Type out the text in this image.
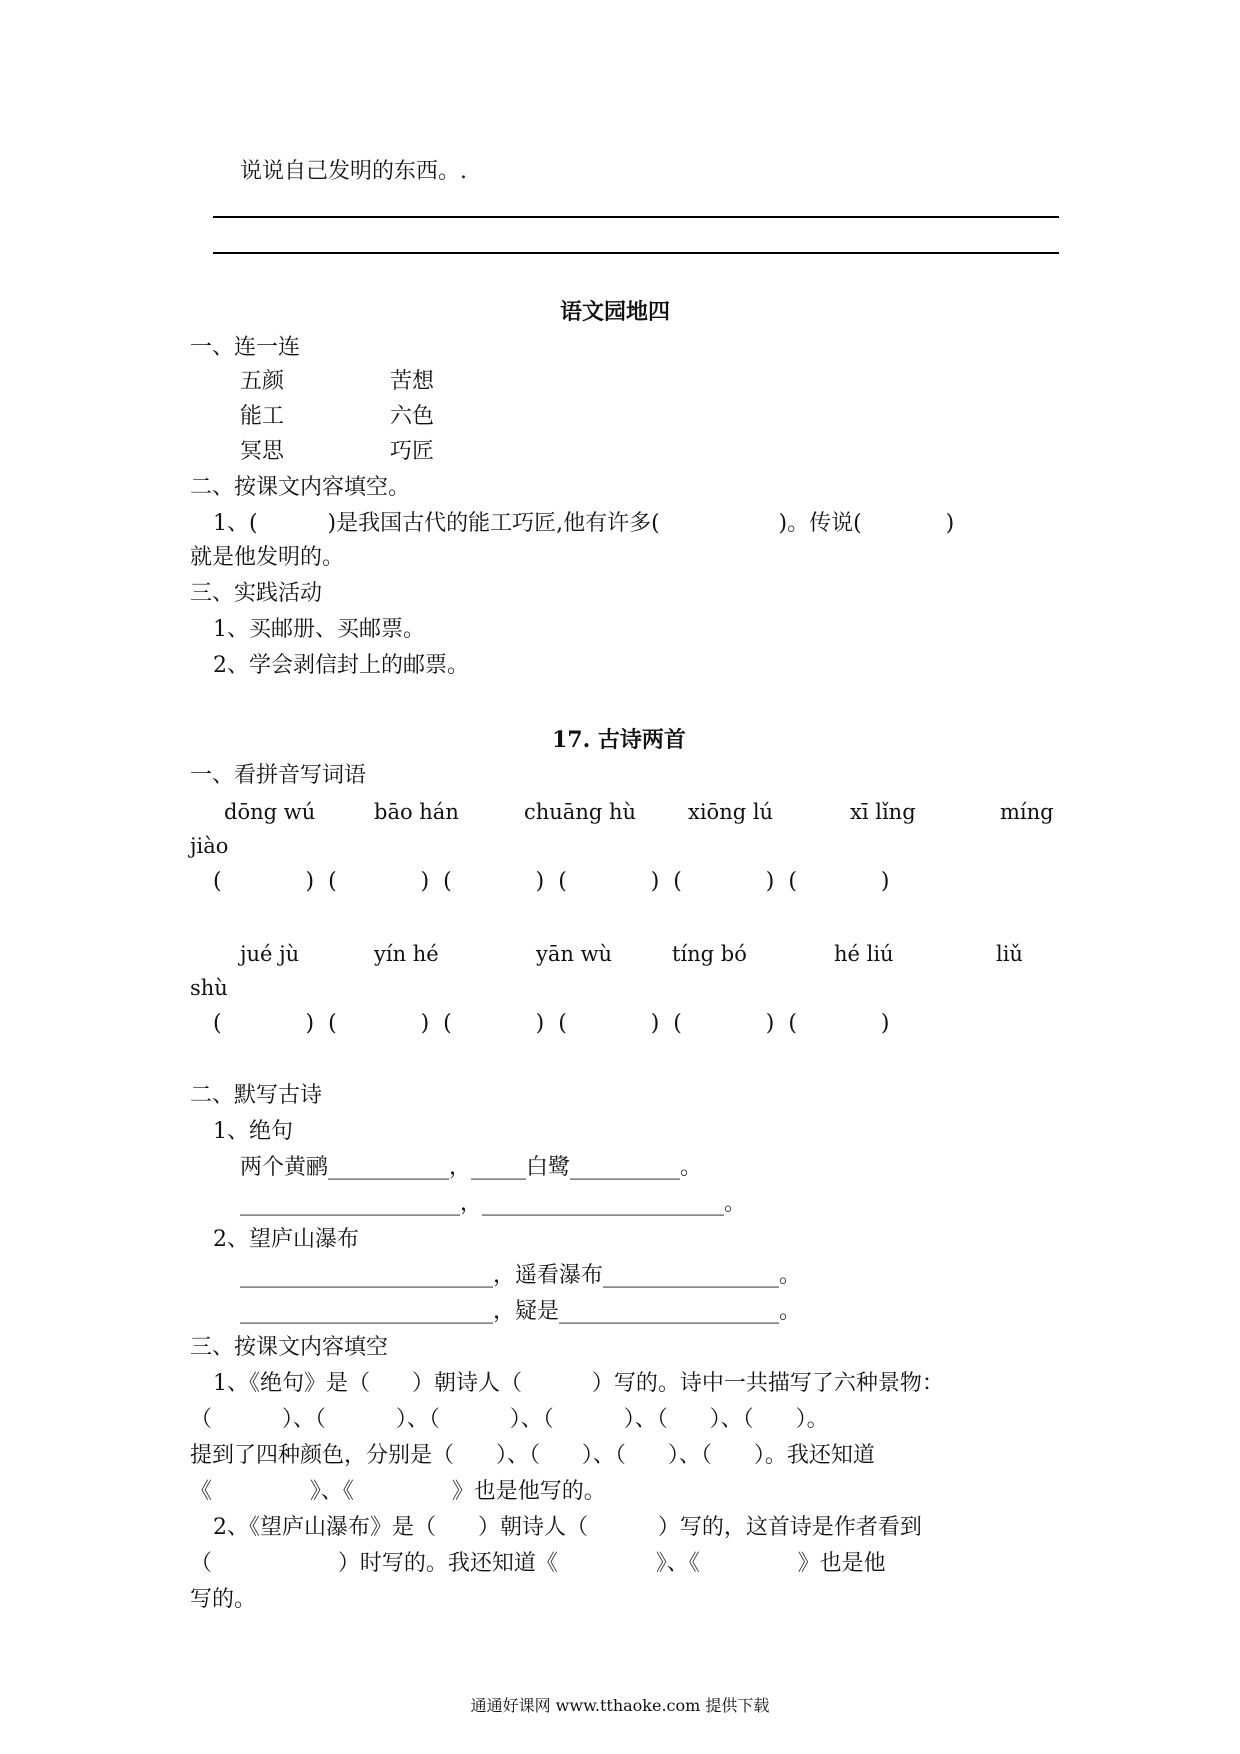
说说自己发明的东西。.
语文园地四
一、连一连
五颜	苦想
能工	六色
冥思	巧匠
二、按课文内容填空。
1、(          )是我国古代的能工巧匠,他有许多(                 )。传说(            )
就是他发明的。
三、实践活动
1、买邮册、买邮票。
2、学会剥信封上的邮票。
17. 古诗两首
一、看拼音写词语
dōng wú	bāo hán	chuāng hù xiōng lú	xī lǐng	míng
jiào
(            )  (            )  (            )  (            )  (            )  (            )
jué jù	yín hé	yān wù	tíng bó	hé liú	liǔ
shù
(            )  (            )  (            )  (            )  (            )  (            )
二、默写古诗
1、绝句
两个黄鹂___________，_____白鹭__________。
____________________，______________________。
2、望庐山瀑布
_______________________，遥看瀑布________________。
_______________________，疑是____________________。
三、按课文内容填空
1、《绝句》是（      ）朝诗人（          ）写的。诗中一共描写了六种景物：
（          ）、（          ）、（          ）、（          ）、（      ）、（      ）。
提到了四种颜色，分别是（      ）、（      ）、（      ）、（      ）。我还知道
《              》、《              》也是他写的。
2、《望庐山瀑布》是（      ）朝诗人（          ）写的，这首诗是作者看到
（                  ）时写的。我还知道《              》、《              》也是他
写的。
通通好课网 www.tthaoke.com 提供下载
